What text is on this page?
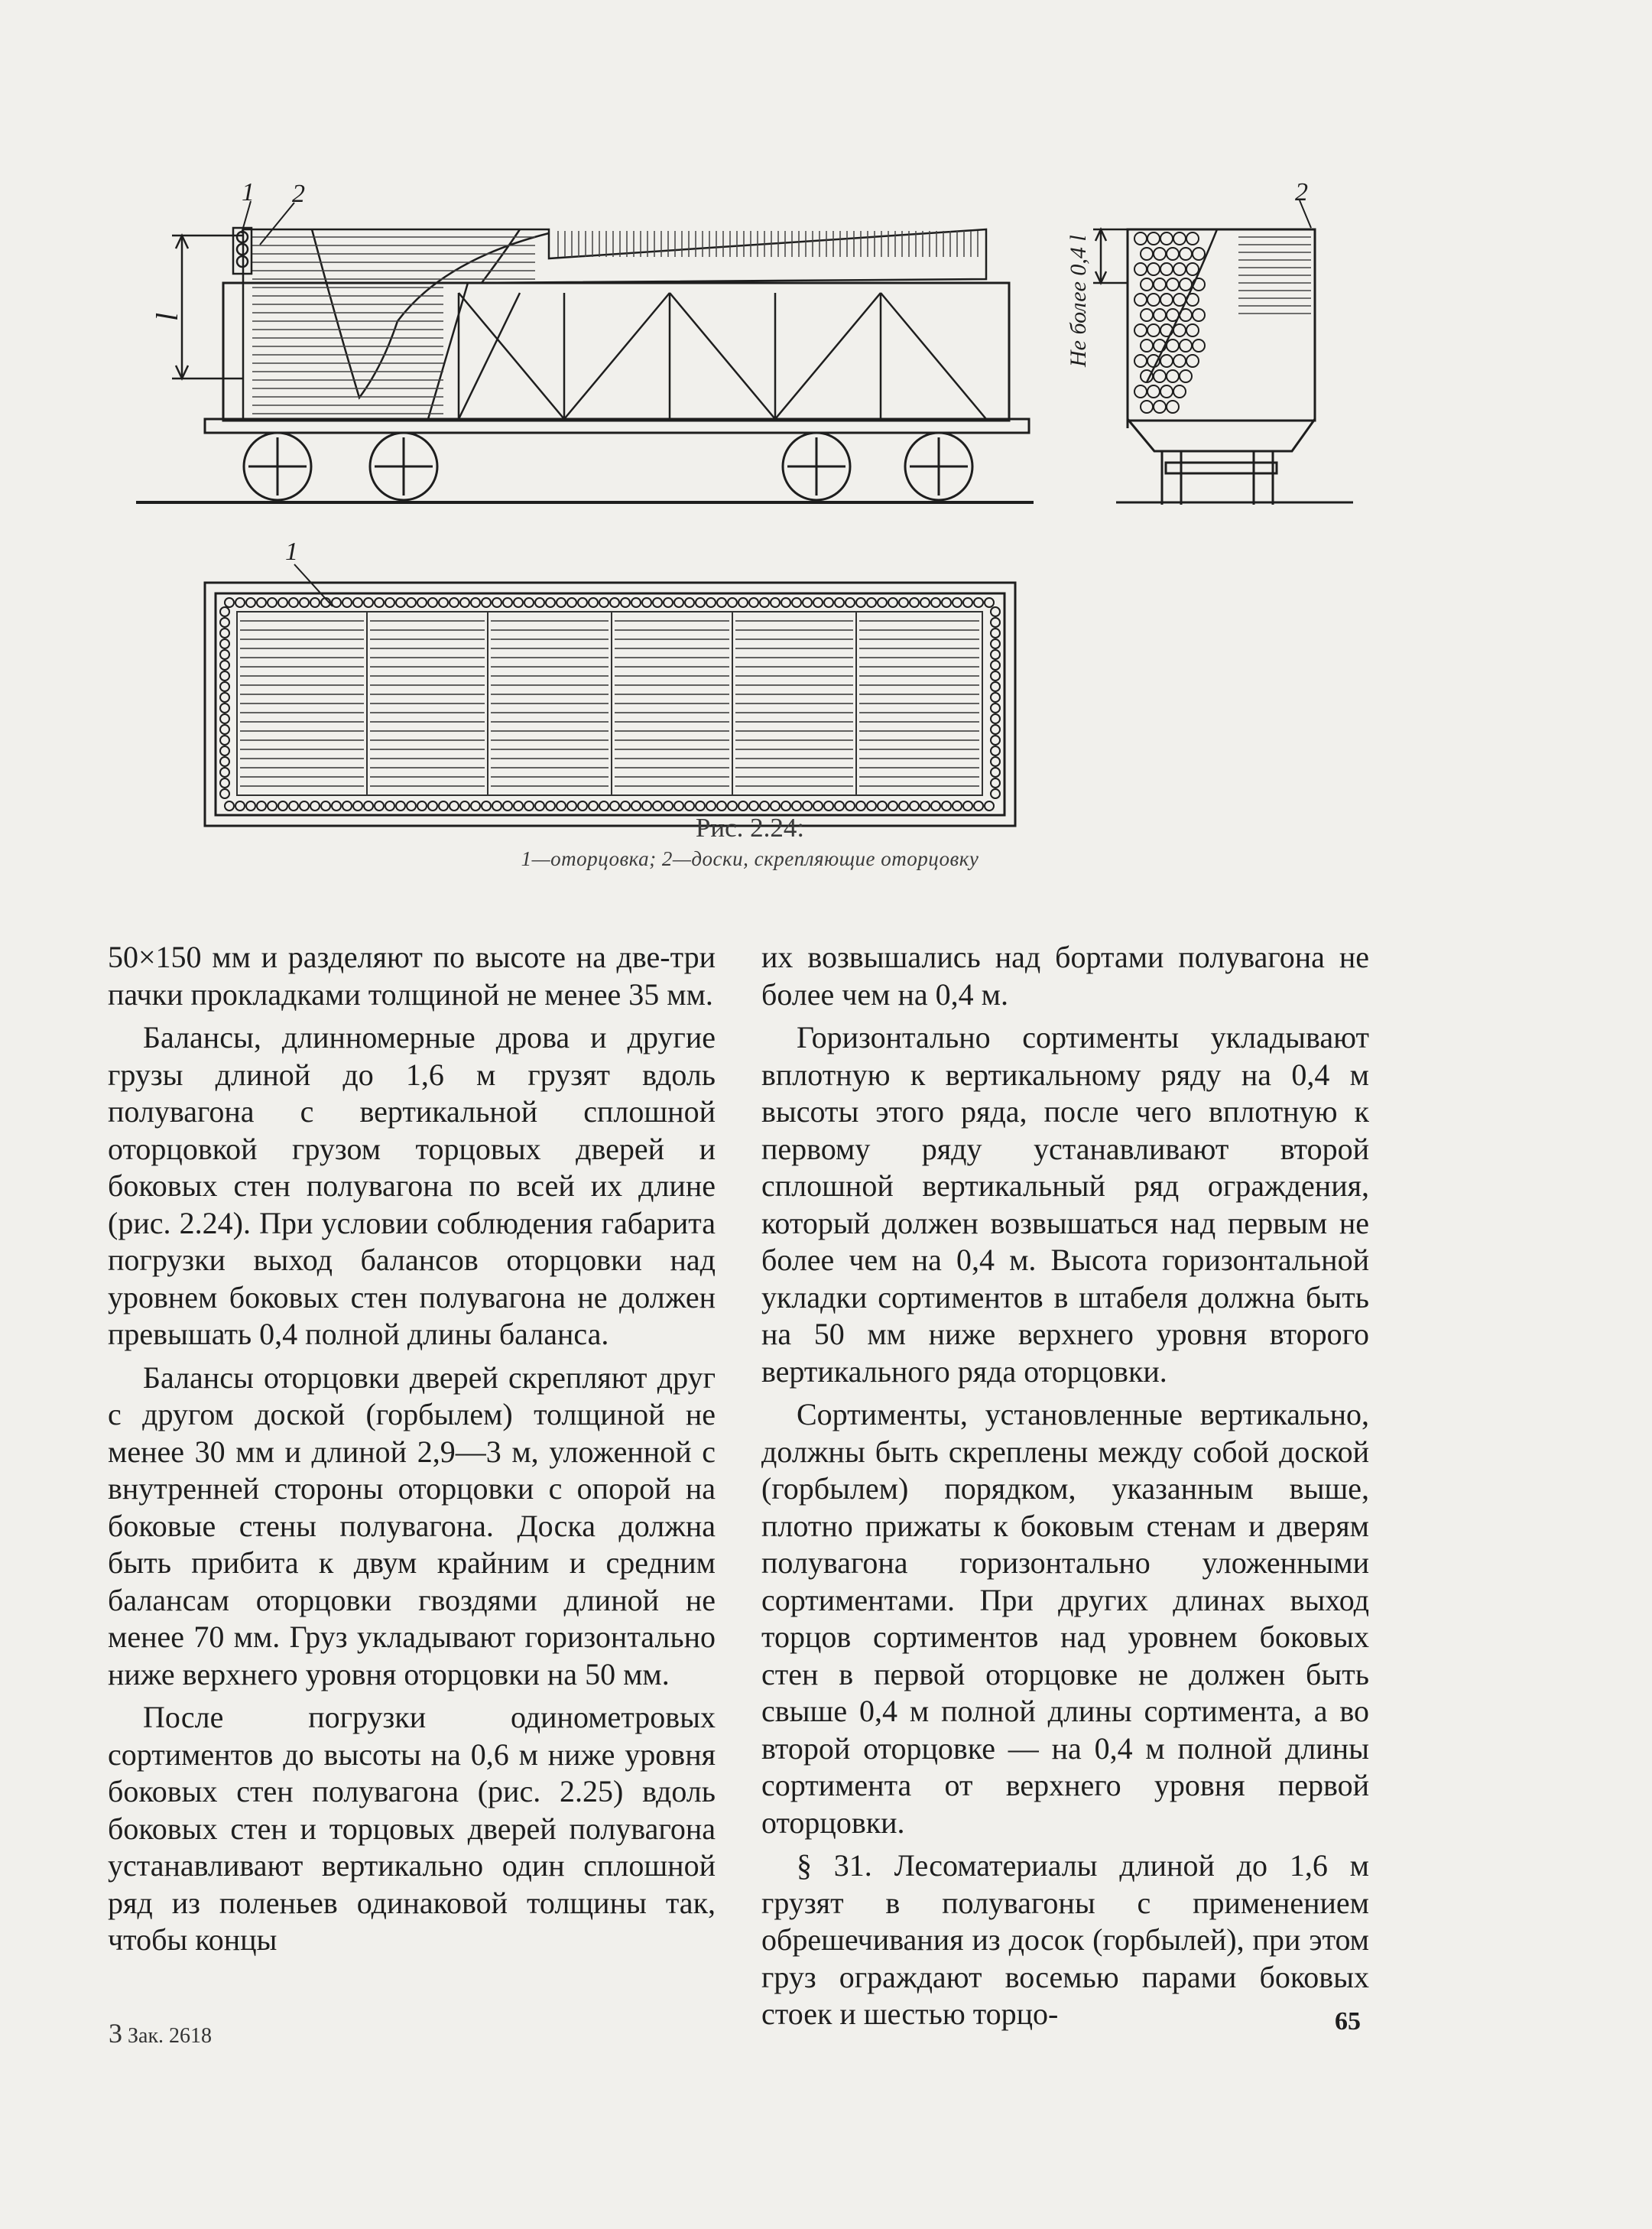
1 2	2
1
l	Не более 0,4 l
Рис. 2.24:
1—оторцовка; 2—доски, скрепляющие оторцовку

50×150 мм и разделяют по высоте на две-три пачки прокладками толщиной не менее 35 мм.

Балансы, длинномерные дрова и другие грузы длиной до 1,6 м грузят вдоль полувагона с вертикальной сплошной оторцовкой грузом торцовых дверей и боковых стен полувагона по всей их длине (рис. 2.24). При условии соблюдения габарита погрузки выход балансов оторцовки над уровнем боковых стен полувагона не должен превышать 0,4 полной длины баланса.

Балансы оторцовки дверей скрепляют друг с другом доской (горбылем) толщиной не менее 30 мм и длиной 2,9—3 м, уложенной с внутренней стороны оторцовки с опорой на боковые стены полувагона. Доска должна быть прибита к двум крайним и средним балансам оторцовки гвоздями длиной не менее 70 мм. Груз укладывают горизонтально ниже верхнего уровня оторцовки на 50 мм.

После погрузки одинометровых сортиментов до высоты на 0,6 м ниже уровня боковых стен полувагона (рис. 2.25) вдоль боковых стен и торцовых дверей полувагона устанавливают вертикально один сплошной ряд из поленьев одинаковой толщины так, чтобы концы

их возвышались над бортами полувагона не более чем на 0,4 м.

Горизонтально сортименты укладывают вплотную к вертикальному ряду на 0,4 м высоты этого ряда, после чего вплотную к первому ряду устанавливают второй сплошной вертикальный ряд ограждения, который должен возвышаться над первым не более чем на 0,4 м. Высота горизонтальной укладки сортиментов в штабеля должна быть на 50 мм ниже верхнего уровня второго вертикального ряда оторцовки.

Сортименты, установленные вертикально, должны быть скреплены между собой доской (горбылем) порядком, указанным выше, плотно прижаты к боковым стенам и дверям полувагона горизонтально уложенными сортиментами. При других длинах выход торцов сортиментов над уровнем боковых стен в первой оторцовке не должен быть свыше 0,4 м полной длины сортимента, а во второй оторцовке — на 0,4 м полной длины сортимента от верхнего уровня первой оторцовки.

§ 31. Лесоматериалы длиной до 1,6 м грузят в полувагоны с применением обрешечивания из досок (горбылей), при этом груз ограждают восемью парами боковых стоек и шестью торцо-

3 Зак. 2618
65
